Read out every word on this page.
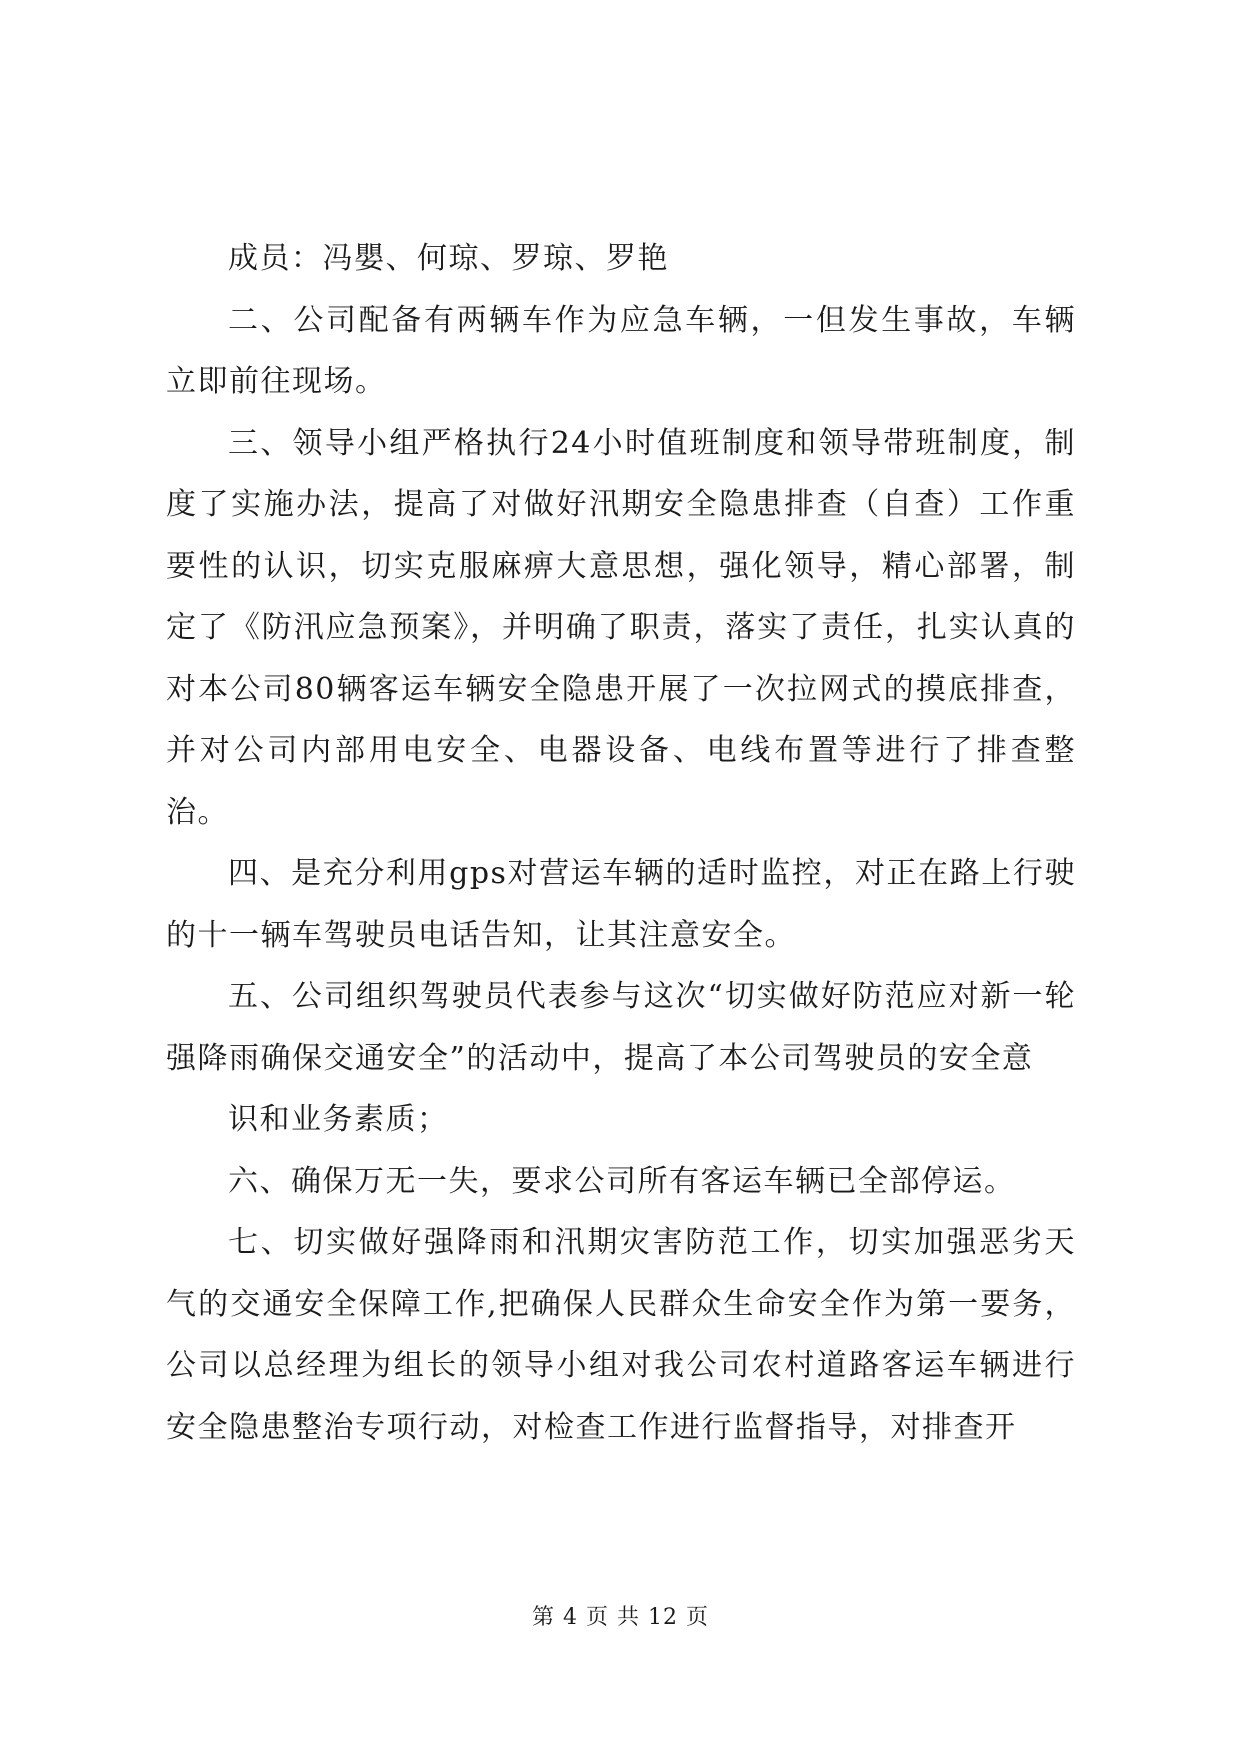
成员：冯嬰、何琼、罗琼、罗艳

二、公司配备有两辆车作为应急车辆，一但发生事故，车辆立即前往现场。

三、领导小组严格执行24小时值班制度和领导带班制度，制度了实施办法，提高了对做好汛期安全隐患排查（自查）工作重要性的认识，切实克服麻痹大意思想，强化领导，精心部署，制定了《防汛应急预案》，并明确了职责，落实了责任，扎实认真的对本公司80辆客运车辆安全隐患开展了一次拉网式的摸底排查，并对公司内部用电安全、电器设备、电线布置等进行了排查整治。

四、是充分利用gps对营运车辆的适时监控，对正在路上行驶的十一辆车驾驶员电话告知，让其注意安全。

五、公司组织驾驶员代表参与这次“切实做好防范应对新一轮强降雨确保交通安全”的活动中，提高了本公司驾驶员的安全意

识和业务素质；

六、确保万无一失，要求公司所有客运车辆已全部停运。

七、切实做好强降雨和汛期灾害防范工作，切实加强恶劣天气的交通安全保障工作,把确保人民群众生命安全作为第一要务，公司以总经理为组长的领导小组对我公司农村道路客运车辆进行安全隐患整治专项行动，对检查工作进行监督指导，对排查开

第 4 页 共 12 页
